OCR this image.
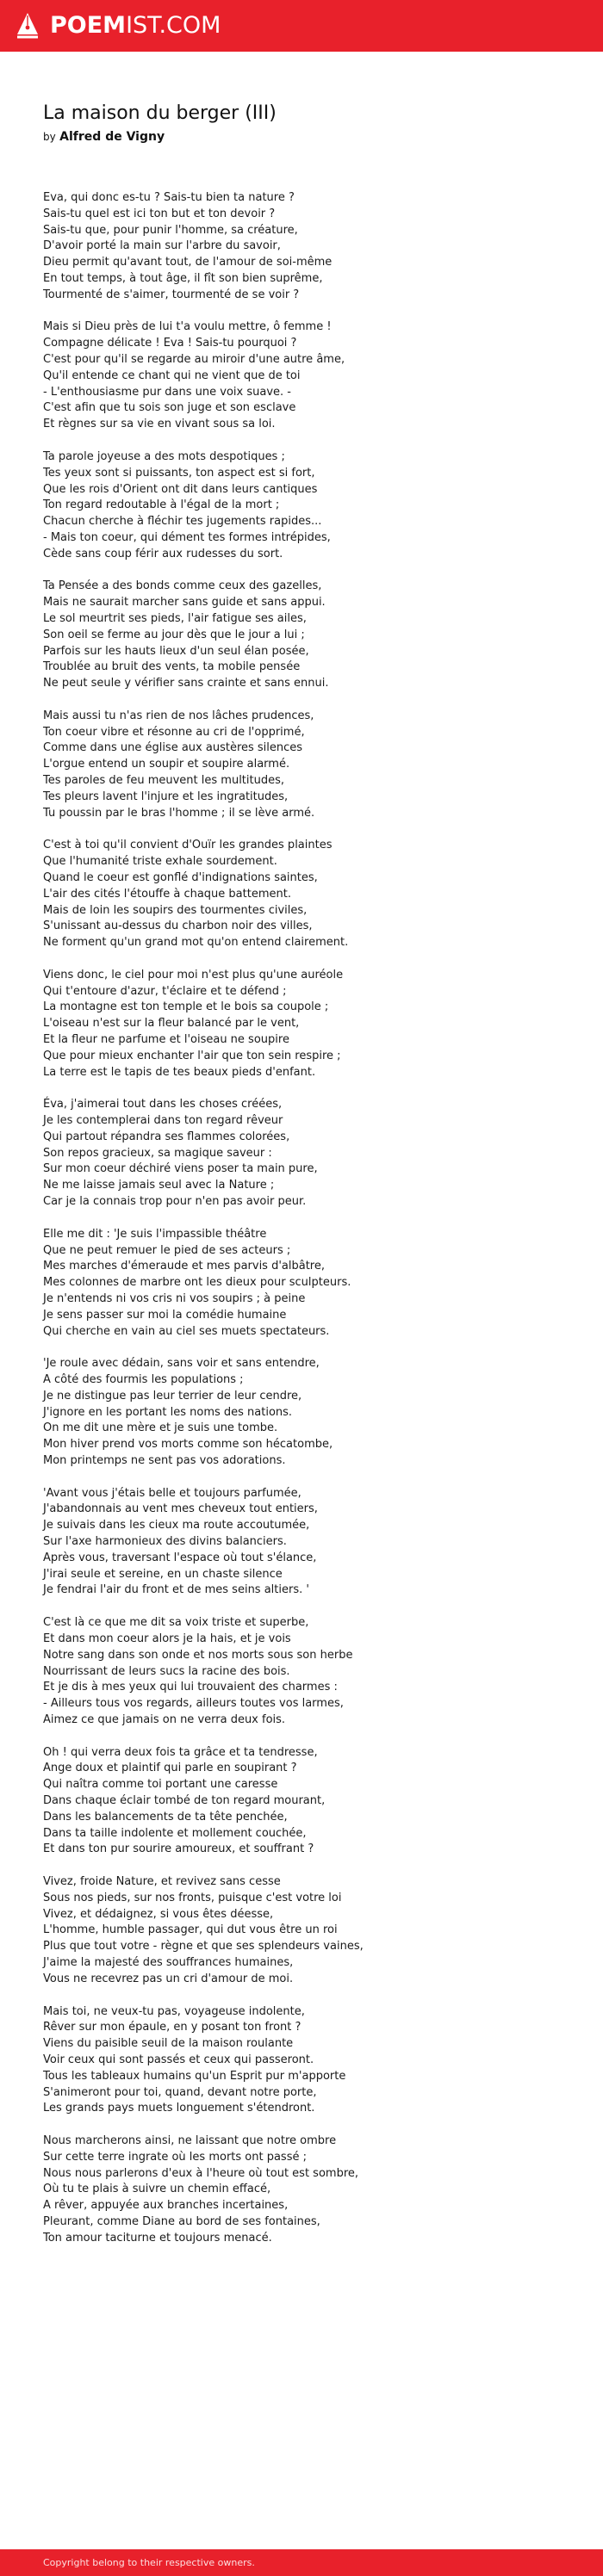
POEMIST.COM
La maison du berger (III)
by Alfred de Vigny
Eva, qui donc es-tu ? Sais-tu bien ta nature ?
Sais-tu quel est ici ton but et ton devoir ?
Sais-tu que, pour punir l'homme, sa créature,
D'avoir porté la main sur l'arbre du savoir,
Dieu permit qu'avant tout, de l'amour de soi-même
En tout temps, à tout âge, il fît son bien suprême,
Tourmenté de s'aimer, tourmenté de se voir ?
Mais si Dieu près de lui t'a voulu mettre, ô femme !
Compagne délicate ! Eva ! Sais-tu pourquoi ?
C'est pour qu'il se regarde au miroir d'une autre âme,
Qu'il entende ce chant qui ne vient que de toi
- L'enthousiasme pur dans une voix suave. -
C'est afin que tu sois son juge et son esclave
Et règnes sur sa vie en vivant sous sa loi.
Ta parole joyeuse a des mots despotiques ;
Tes yeux sont si puissants, ton aspect est si fort,
Que les rois d'Orient ont dit dans leurs cantiques
Ton regard redoutable à l'égal de la mort ;
Chacun cherche à fléchir tes jugements rapides...
- Mais ton coeur, qui dément tes formes intrépides,
Cède sans coup férir aux rudesses du sort.
Ta Pensée a des bonds comme ceux des gazelles,
Mais ne saurait marcher sans guide et sans appui.
Le sol meurtrit ses pieds, l'air fatigue ses ailes,
Son oeil se ferme au jour dès que le jour a lui ;
Parfois sur les hauts lieux d'un seul élan posée,
Troublée au bruit des vents, ta mobile pensée
Ne peut seule y vérifier sans crainte et sans ennui.
Mais aussi tu n'as rien de nos lâches prudences,
Ton coeur vibre et résonne au cri de l'opprimé,
Comme dans une église aux austères silences
L'orgue entend un soupir et soupire alarmé.
Tes paroles de feu meuvent les multitudes,
Tes pleurs lavent l'injure et les ingratitudes,
Tu poussin par le bras l'homme ; il se lève armé.
C'est à toi qu'il convient d'Ouïr les grandes plaintes
Que l'humanité triste exhale sourdement.
Quand le coeur est gonflé d'indignations saintes,
L'air des cités l'étouffe à chaque battement.
Mais de loin les soupirs des tourmentes civiles,
S'unissant au-dessus du charbon noir des villes,
Ne forment qu'un grand mot qu'on entend clairement.
Viens donc, le ciel pour moi n'est plus qu'une auréole
Qui t'entoure d'azur, t'éclaire et te défend ;
La montagne est ton temple et le bois sa coupole ;
L'oiseau n'est sur la fleur balancé par le vent,
Et la fleur ne parfume et l'oiseau ne soupire
Que pour mieux enchanter l'air que ton sein respire ;
La terre est le tapis de tes beaux pieds d'enfant.
Éva, j'aimerai tout dans les choses créées,
Je les contemplerai dans ton regard rêveur
Qui partout répandra ses flammes colorées,
Son repos gracieux, sa magique saveur :
Sur mon coeur déchiré viens poser ta main pure,
Ne me laisse jamais seul avec la Nature ;
Car je la connais trop pour n'en pas avoir peur.
Elle me dit : 'Je suis l'impassible théâtre
Que ne peut remuer le pied de ses acteurs ;
Mes marches d'émeraude et mes parvis d'albâtre,
Mes colonnes de marbre ont les dieux pour sculpteurs.
Je n'entends ni vos cris ni vos soupirs ; à peine
Je sens passer sur moi la comédie humaine
Qui cherche en vain au ciel ses muets spectateurs.
'Je roule avec dédain, sans voir et sans entendre,
A côté des fourmis les populations ;
Je ne distingue pas leur terrier de leur cendre,
J'ignore en les portant les noms des nations.
On me dit une mère et je suis une tombe.
Mon hiver prend vos morts comme son hécatombe,
Mon printemps ne sent pas vos adorations.
'Avant vous j'étais belle et toujours parfumée,
J'abandonnais au vent mes cheveux tout entiers,
Je suivais dans les cieux ma route accoutumée,
Sur l'axe harmonieux des divins balanciers.
Après vous, traversant l'espace où tout s'élance,
J'irai seule et sereine, en un chaste silence
Je fendrai l'air du front et de mes seins altiers. '
C'est là ce que me dit sa voix triste et superbe,
Et dans mon coeur alors je la hais, et je vois
Notre sang dans son onde et nos morts sous son herbe
Nourrissant de leurs sucs la racine des bois.
Et je dis à mes yeux qui lui trouvaient des charmes :
- Ailleurs tous vos regards, ailleurs toutes vos larmes,
Aimez ce que jamais on ne verra deux fois.
Oh ! qui verra deux fois ta grâce et ta tendresse,
Ange doux et plaintif qui parle en soupirant ?
Qui naîtra comme toi portant une caresse
Dans chaque éclair tombé de ton regard mourant,
Dans les balancements de ta tête penchée,
Dans ta taille indolente et mollement couchée,
Et dans ton pur sourire amoureux, et souffrant ?
Vivez, froide Nature, et revivez sans cesse
Sous nos pieds, sur nos fronts, puisque c'est votre loi
Vivez, et dédaignez, si vous êtes déesse,
L'homme, humble passager, qui dut vous être un roi
Plus que tout votre - règne et que ses splendeurs vaines,
J'aime la majesté des souffrances humaines,
Vous ne recevrez pas un cri d'amour de moi.
Mais toi, ne veux-tu pas, voyageuse indolente,
Rêver sur mon épaule, en y posant ton front ?
Viens du paisible seuil de la maison roulante
Voir ceux qui sont passés et ceux qui passeront.
Tous les tableaux humains qu'un Esprit pur m'apporte
S'animeront pour toi, quand, devant notre porte,
Les grands pays muets longuement s'étendront.
Nous marcherons ainsi, ne laissant que notre ombre
Sur cette terre ingrate où les morts ont passé ;
Nous nous parlerons d'eux à l'heure où tout est sombre,
Où tu te plais à suivre un chemin effacé,
A rêver, appuyée aux branches incertaines,
Pleurant, comme Diane au bord de ses fontaines,
Ton amour taciturne et toujours menacé.
Copyright belong to their respective owners.
